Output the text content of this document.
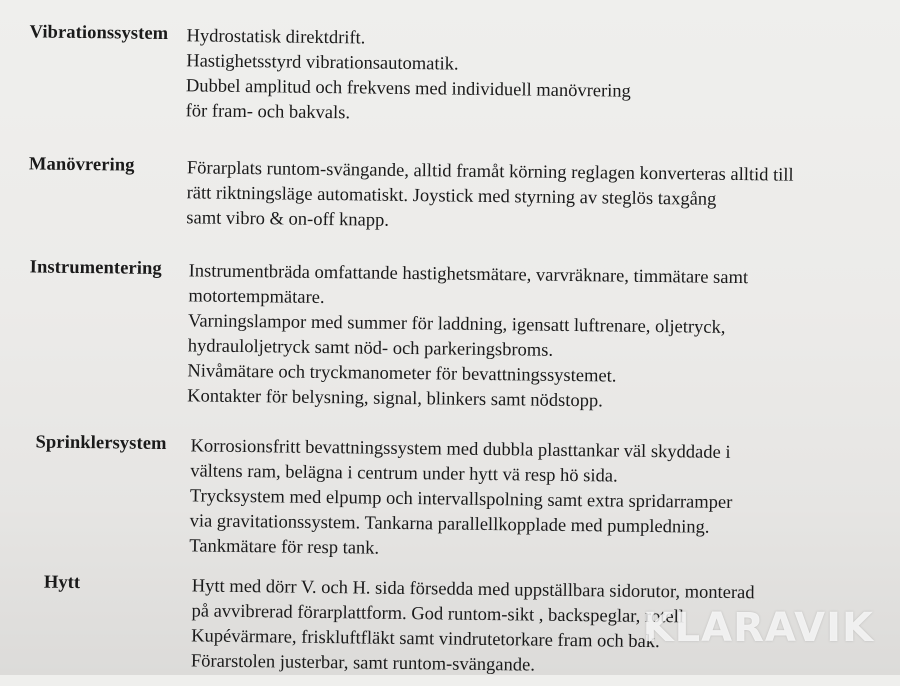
Vibrationssystem Hydrostatisk direktdrift.
Hastighetsstyrd vibrationsautomatik.
Dubbel amplitud och frekvens med individuell manövrering
för fram- och bakvals.
Manövrering	Förarplats runtom-svängande, alltid framåt körning reglagen konverteras alltid till
rätt riktningsläge automatiskt. Joystick med styrning av steglös taxgång
samt vibro & on-off knapp.
Instrumentering Instrumentbräda omfattande hastighetsmätare, varvräknare, timmätare samt
motortempmätare.
Varningslampor med summer för laddning, igensatt luftrenare, oljetryck,
hydrauloljetryck samt nöd- och parkeringsbroms.
Nivåmätare och tryckmanometer för bevattningssystemet.
Kontakter för belysning, signal, blinkers samt nödstopp.
Sprinklersystem Korrosionsfritt bevattningssystem med dubbla plasttankar väl skyddade i
vältens ram, belägna i centrum under hytt vä resp hö sida.
Trycksystem med elpump och intervallspolning samt extra spridarramper
via gravitationssystem. Tankarna parallellkopplade med pumpledning.
Tankmätare för resp tank.
Hytt	Hytt med dörr V. och H. sida försedda med uppställbara sidorutor, monterad
på avvibrerad förarplattform. God runtom-sikt , backspeglar, rotell
Kupévärmare, friskluftfläkt samt vindrutetorkare fram och bak.
Förarstolen justerbar, samt runtom-svängande.
KLARAVIK
